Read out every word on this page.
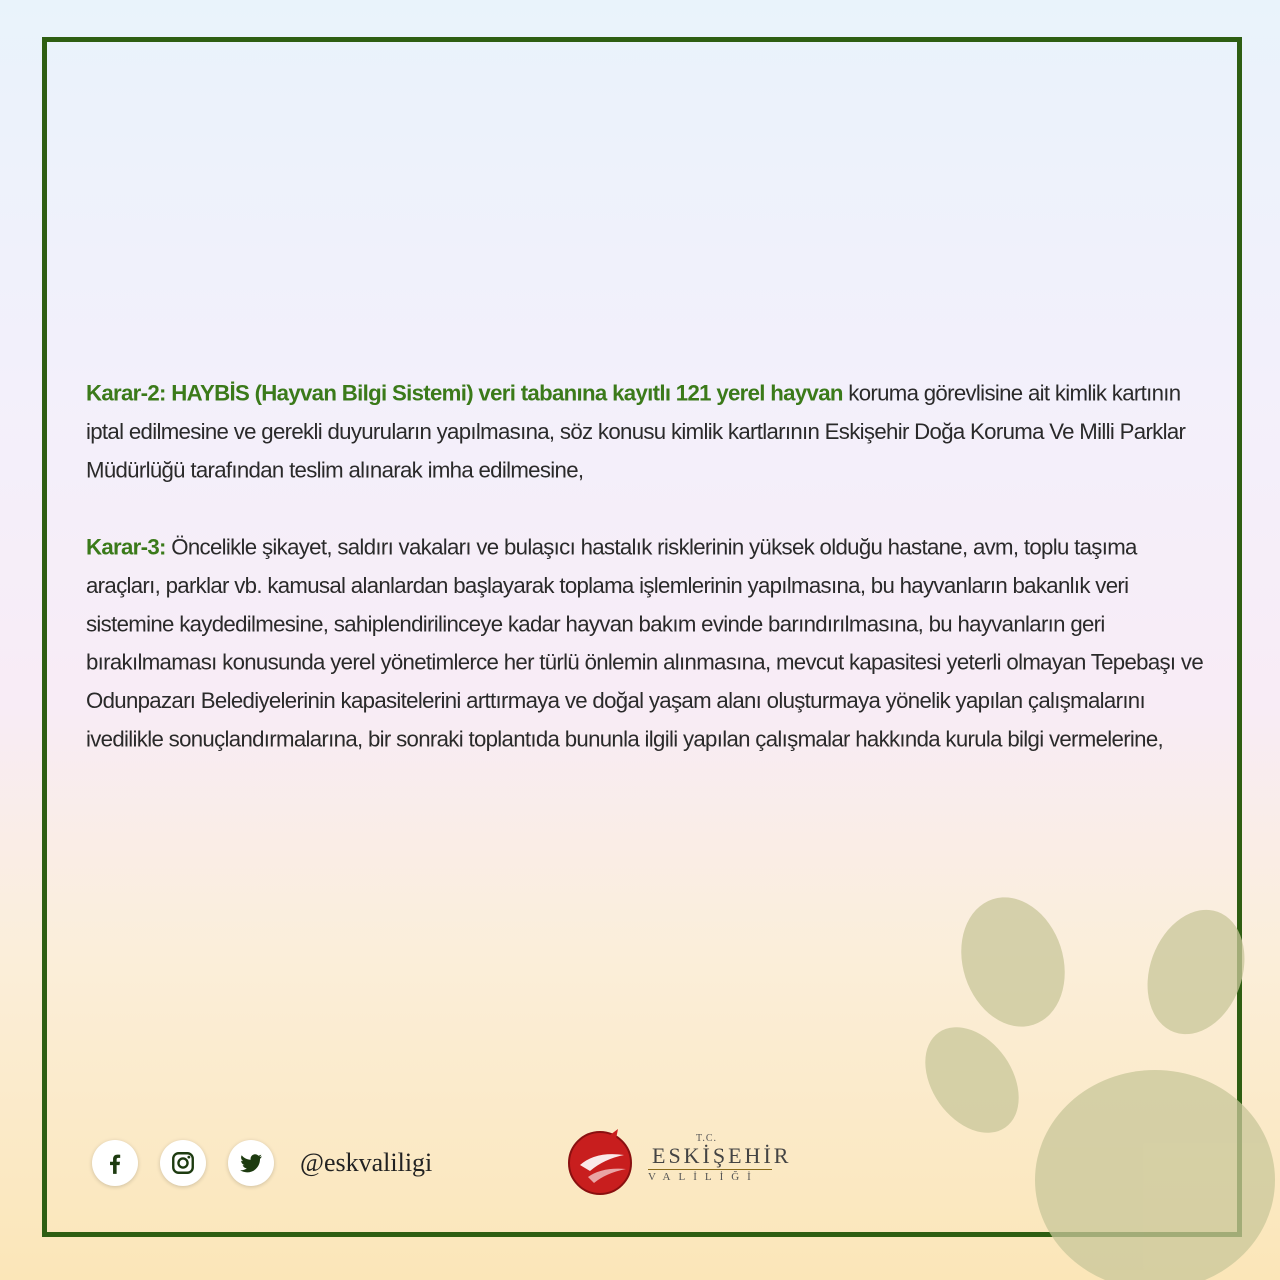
Karar-2: HAYBİS (Hayvan Bilgi Sistemi) veri tabanına kayıtlı 121 yerel hayvan koruma görevlisine ait kimlik kartının iptal edilmesine ve gerekli duyuruların yapılmasına, söz konusu kimlik kartlarının Eskişehir Doğa Koruma Ve Milli Parklar Müdürlüğü tarafından teslim alınarak imha edilmesine,

Karar-3: Öncelikle şikayet, saldırı vakaları ve bulaşıcı hastalık risklerinin yüksek olduğu hastane, avm, toplu taşıma araçları, parklar vb. kamusal alanlardan başlayarak toplama işlemlerinin yapılmasına, bu hayvanların bakanlık veri sistemine kaydedilmesine, sahiplendirilinceye kadar hayvan bakım evinde barındırılmasına, bu hayvanların geri bırakılmaması konusunda yerel yönetimlerce her türlü önlemin alınmasına, mevcut kapasitesi yeterli olmayan Tepebaşı ve Odunpazarı Belediyelerinin kapasitelerini arttırmaya ve doğal yaşam alanı oluşturmaya yönelik yapılan çalışmalarını ivedilikle sonuçlandırmalarına, bir sonraki toplantıda bununla ilgili yapılan çalışmalar hakkında kurula bilgi vermelerine,

@eskvaliligi
T.C.
ESKİŞEHİR
VALİLİĞİ
